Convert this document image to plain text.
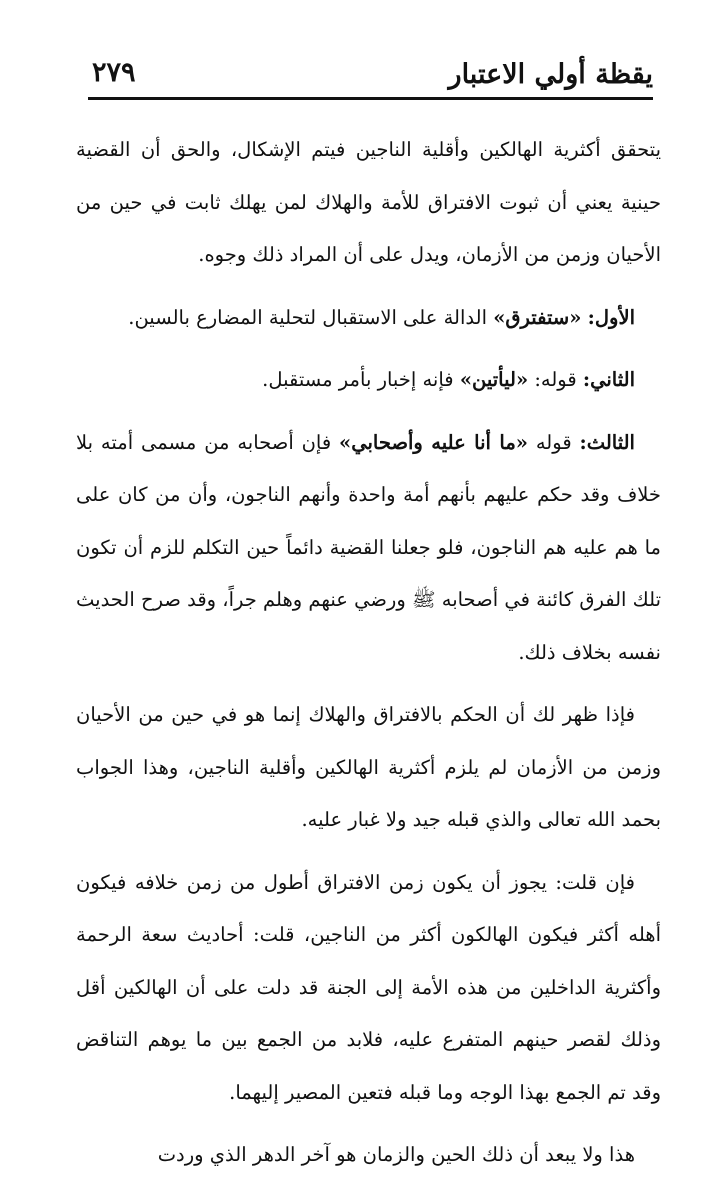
يقظة أولي الاعتبار
٢٧٩

يتحقق أكثرية الهالكين وأقلية الناجين فيتم الإشكال، والحق أن القضية حينية يعني أن ثبوت الافتراق للأمة والهلاك لمن يهلك ثابت في حين من الأحيان وزمن من الأزمان، ويدل على أن المراد ذلك وجوه.

الأول: «ستفترق» الدالة على الاستقبال لتحلية المضارع بالسين.

الثاني: قوله: «ليأتين» فإنه إخبار بأمر مستقبل.

الثالث: قوله «ما أنا عليه وأصحابي» فإن أصحابه من مسمى أمته بلا خلاف وقد حكم عليهم بأنهم أمة واحدة وأنهم الناجون، وأن من كان على ما هم عليه هم الناجون، فلو جعلنا القضية دائماً حين التكلم للزم أن تكون تلك الفرق كائنة في أصحابه ﷺ ورضي عنهم وهلم جراً، وقد صرح الحديث نفسه بخلاف ذلك.

فإذا ظهر لك أن الحكم بالافتراق والهلاك إنما هو في حين من الأحيان وزمن من الأزمان لم يلزم أكثرية الهالكين وأقلية الناجين، وهذا الجواب بحمد الله تعالى والذي قبله جيد ولا غبار عليه.

فإن قلت: يجوز أن يكون زمن الافتراق أطول من زمن خلافه فيكون أهله أكثر فيكون الهالكون أكثر من الناجين، قلت: أحاديث سعة الرحمة وأكثرية الداخلين من هذه الأمة إلى الجنة قد دلت على أن الهالكين أقل وذلك لقصر حينهم المتفرع عليه، فلابد من الجمع بين ما يوهم التناقض وقد تم الجمع بهذا الوجه وما قبله فتعين المصير إليهما.

هذا ولا يبعد أن ذلك الحين والزمان هو آخر الدهر الذي وردت
